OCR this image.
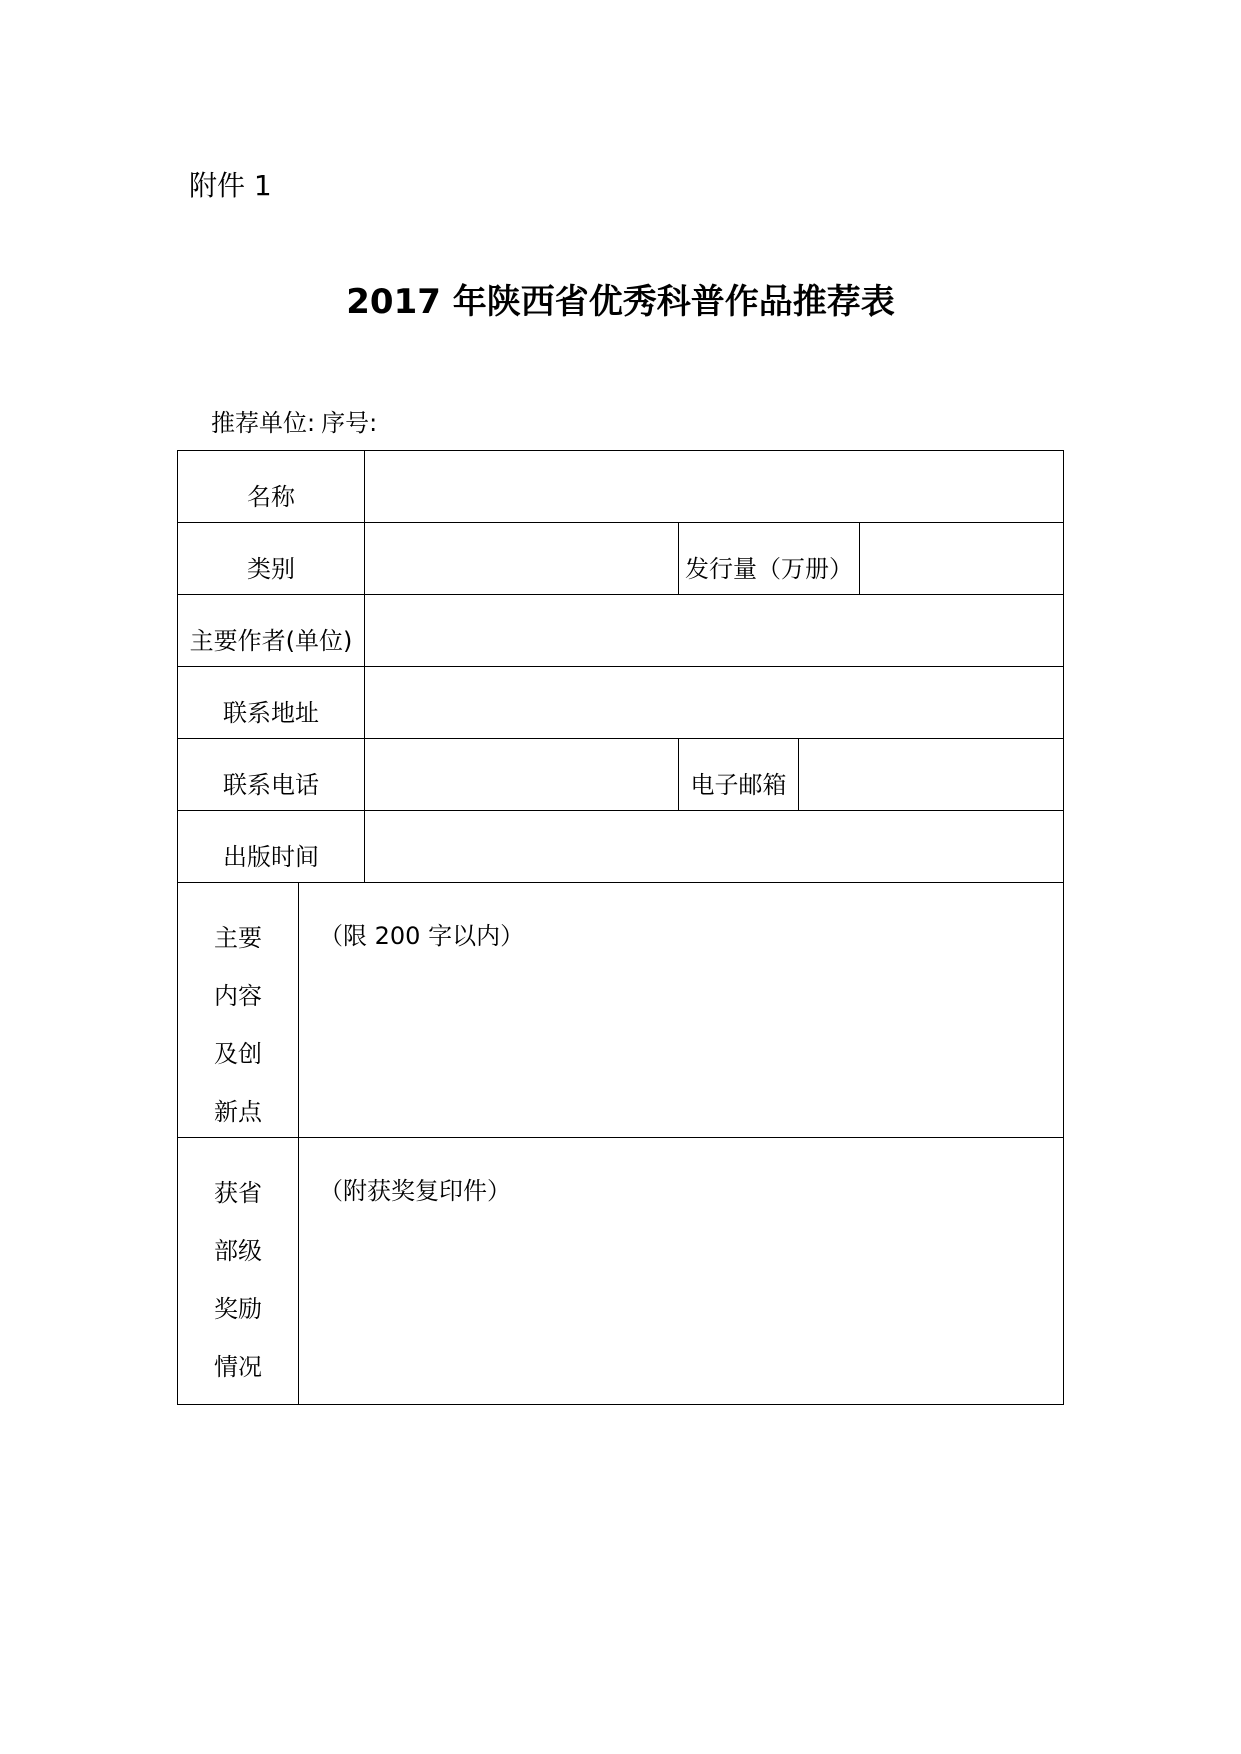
附件 1
2017 年陕西省优秀科普作品推荐表
推荐单位: 序号:
名称
类别	发行量（万册）
主要作者(单位)
联系地址
联系电话	电子邮箱
出版时间
主要
内容
及创
新点
（限 200 字以内）
获省
部级
奖励
情况
（附获奖复印件）
